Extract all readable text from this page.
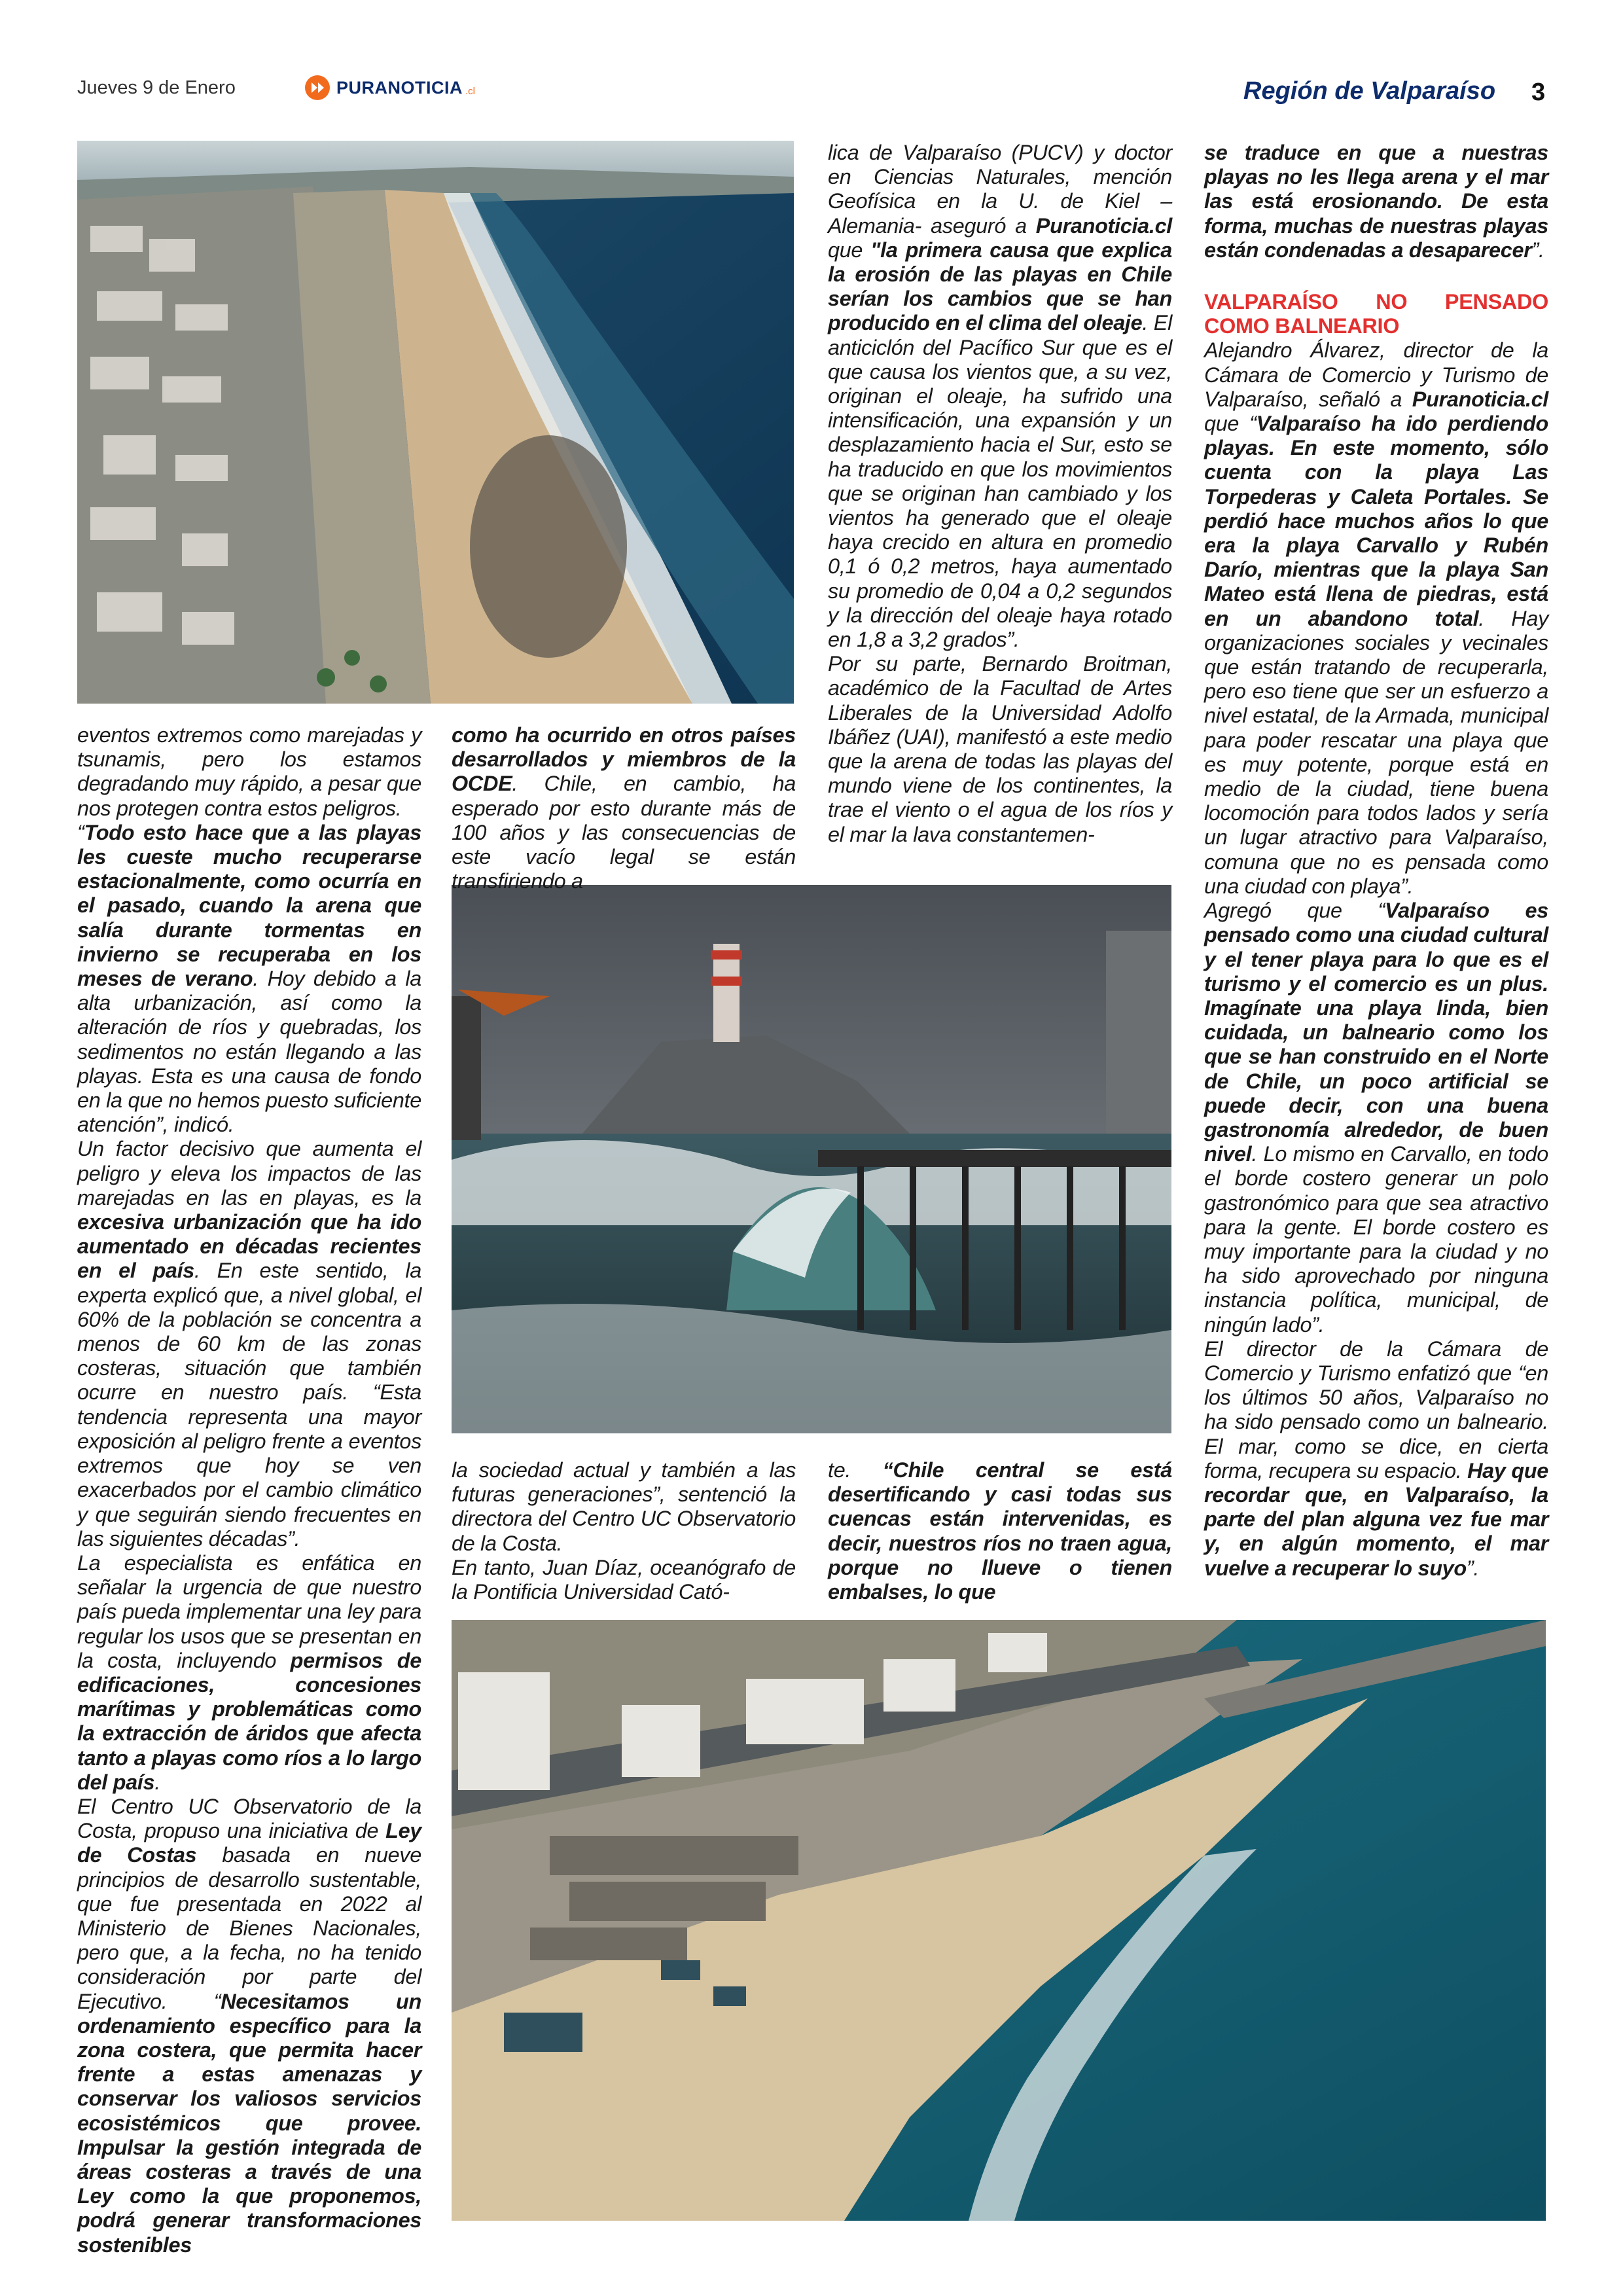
Jueves 9 de Enero	PURANOTICIA .cl	Región de Valparaíso 3
eventos extremos como marejadas y tsunamis, pero los estamos degradando muy rápido, a pesar que nos protegen contra estos peligros.
“Todo esto hace que a las playas les cueste mucho recuperarse estacionalmente, como ocurría en el pasado, cuando la arena que salía durante tormentas en invierno se recuperaba en los meses de verano. Hoy debido a la alta urbanización, así como la alteración de ríos y quebradas, los sedimentos no están llegando a las playas. Esta es una causa de fondo en la que no hemos puesto suficiente atención”, indicó.
Un factor decisivo que aumenta el peligro y eleva los impactos de las marejadas en las en playas, es la excesiva urbanización que ha ido aumentado en décadas recientes en el país. En este sentido, la experta explicó que, a nivel global, el 60% de la población se concentra a menos de 60 km de las zonas costeras, situación que también ocurre en nuestro país. “Esta tendencia representa una mayor exposición al peligro frente a eventos extremos que hoy se ven exacerbados por el cambio climático y que seguirán siendo frecuentes en las siguientes décadas”.
La especialista es enfática en señalar la urgencia de que nuestro país pueda implementar una ley para regular los usos que se presentan en la costa, incluyendo permisos de edificaciones, concesiones marítimas y problemáticas como la extracción de áridos que afecta tanto a playas como ríos a lo largo del país.
El Centro UC Observatorio de la Costa, propuso una iniciativa de Ley de Costas basada en nueve principios de desarrollo sustentable, que fue presentada en 2022 al Ministerio de Bienes Nacionales, pero que, a la fecha, no ha tenido consideración por parte del Ejecutivo. “Necesitamos un ordenamiento específico para la zona costera, que permita hacer frente a estas amenazas y conservar los valiosos servicios ecosistémicos que provee. Impulsar la gestión integrada de áreas costeras a través de una Ley como la que proponemos, podrá generar transformaciones sostenibles
como ha ocurrido en otros países desarrollados y miembros de la OCDE. Chile, en cambio, ha esperado por esto durante más de 100 años y las consecuencias de este vacío legal se están transfiriendo a
la sociedad actual y también a las futuras generaciones”, sentenció la directora del Centro UC Observatorio de la Costa.
En tanto, Juan Díaz, oceanógrafo de la Pontificia Universidad Cató-
lica de Valparaíso (PUCV) y doctor en Ciencias Naturales, mención Geofísica en la U. de Kiel –Alemania- aseguró a Puranoticia.cl que "la primera causa que explica la erosión de las playas en Chile serían los cambios que se han producido en el clima del oleaje. El anticiclón del Pacífico Sur que es el que causa los vientos que, a su vez, originan el oleaje, ha sufrido una intensificación, una expansión y un desplazamiento hacia el Sur, esto se ha traducido en que los movimientos que se originan han cambiado y los vientos ha generado que el oleaje haya crecido en altura en promedio 0,1 ó 0,2 metros, haya aumentado su promedio de 0,04 a 0,2 segundos y la dirección del oleaje haya rotado en 1,8 a 3,2 grados”.
Por su parte, Bernardo Broitman, académico de la Facultad de Artes Liberales de la Universidad Adolfo Ibáñez (UAI), manifestó a este medio que la arena de todas las playas del mundo viene de los continentes, la trae el viento o el agua de los ríos y el mar la lava constantemen-
te. “Chile central se está desertificando y casi todas sus cuencas están intervenidas, es decir, nuestros ríos no traen agua, porque no llueve o tienen embalses, lo que
se traduce en que a nuestras playas no les llega arena y el mar las está erosionando. De esta forma, muchas de nuestras playas están condenadas a desaparecer”.
VALPARAÍSO NO PENSADO COMO BALNEARIO
Alejandro Álvarez, director de la Cámara de Comercio y Turismo de Valparaíso, señaló a Puranoticia.cl que “Valparaíso ha ido perdiendo playas. En este momento, sólo cuenta con la playa Las Torpederas y Caleta Portales. Se perdió hace muchos años lo que era la playa Carvallo y Rubén Darío, mientras que la playa San Mateo está llena de piedras, está en un abandono total. Hay organizaciones sociales y vecinales que están tratando de recuperarla, pero eso tiene que ser un esfuerzo a nivel estatal, de la Armada, municipal para poder rescatar una playa que es muy potente, porque está en medio de la ciudad, tiene buena locomoción para todos lados y sería un lugar atractivo para Valparaíso, comuna que no es pensada como una ciudad con playa”.
Agregó que “Valparaíso es pensado como una ciudad cultural y el tener playa para lo que es el turismo y el comercio es un plus. Imagínate una playa linda, bien cuidada, un balneario como los que se han construido en el Norte de Chile, un poco artificial se puede decir, con una buena gastronomía alrededor, de buen nivel. Lo mismo en Carvallo, en todo el borde costero generar un polo gastronómico para que sea atractivo para la gente. El borde costero es muy importante para la ciudad y no ha sido aprovechado por ninguna instancia política, municipal, de ningún lado”.
El director de la Cámara de Comercio y Turismo enfatizó que “en los últimos 50 años, Valparaíso no ha sido pensado como un balneario. El mar, como se dice, en cierta forma, recupera su espacio. Hay que recordar que, en Valparaíso, la parte del plan alguna vez fue mar y, en algún momento, el mar vuelve a recuperar lo suyo”.
